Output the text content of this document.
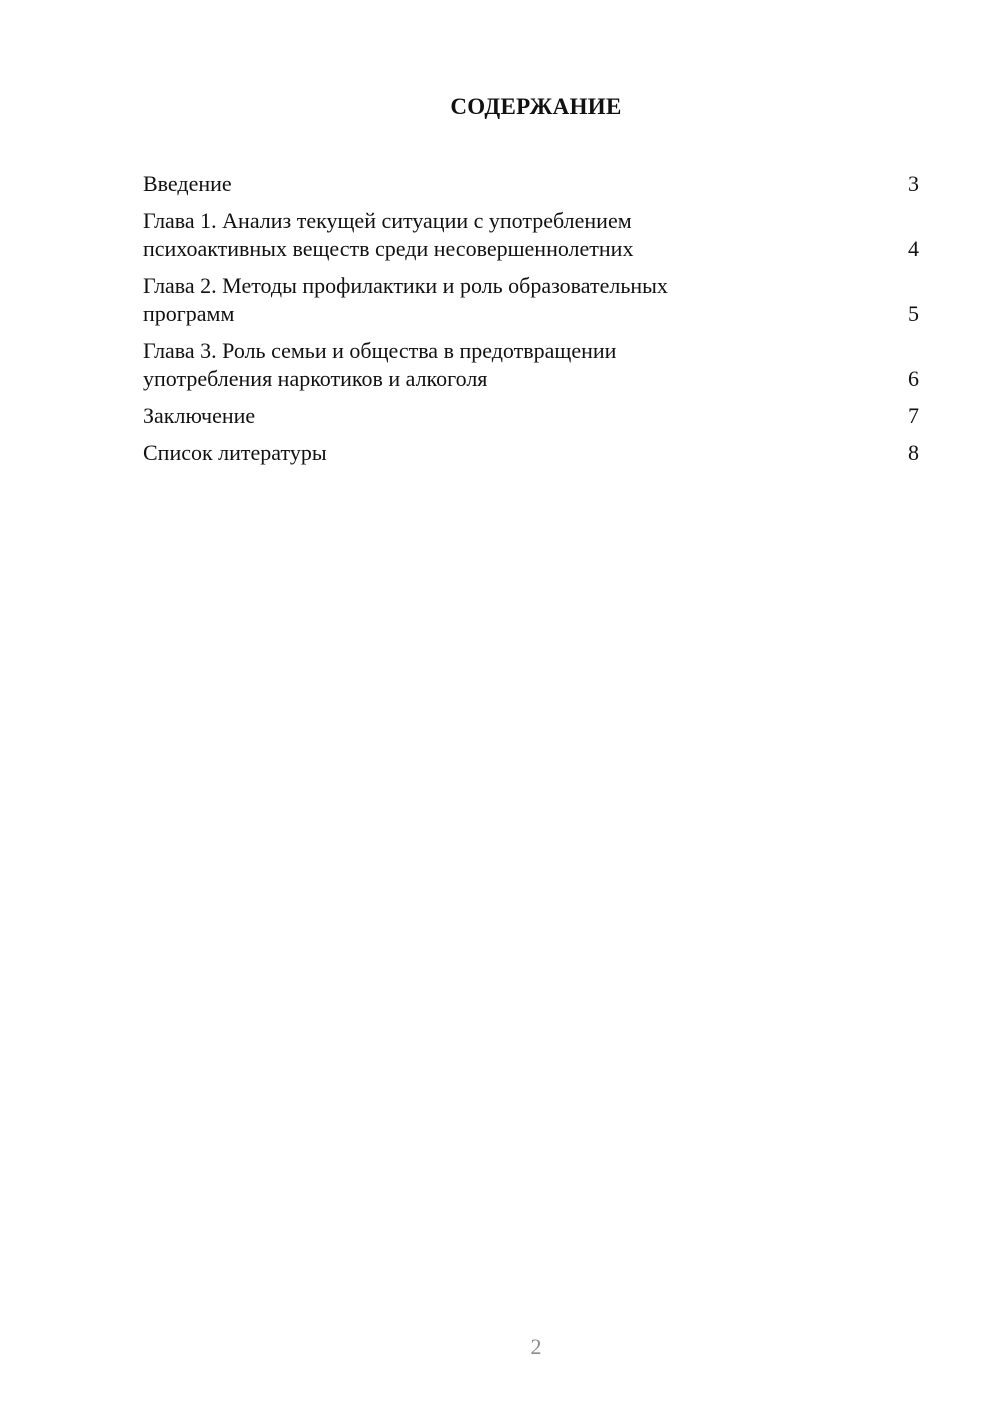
СОДЕРЖАНИЕ
Введение	3
Глава 1. Анализ текущей ситуации с употреблением
психоактивных веществ среди несовершеннолетних	4
Глава 2. Методы профилактики и роль образовательных
программ	5
Глава 3. Роль семьи и общества в предотвращении
употребления наркотиков и алкоголя	6
Заключение	7
Список литературы	8
2
